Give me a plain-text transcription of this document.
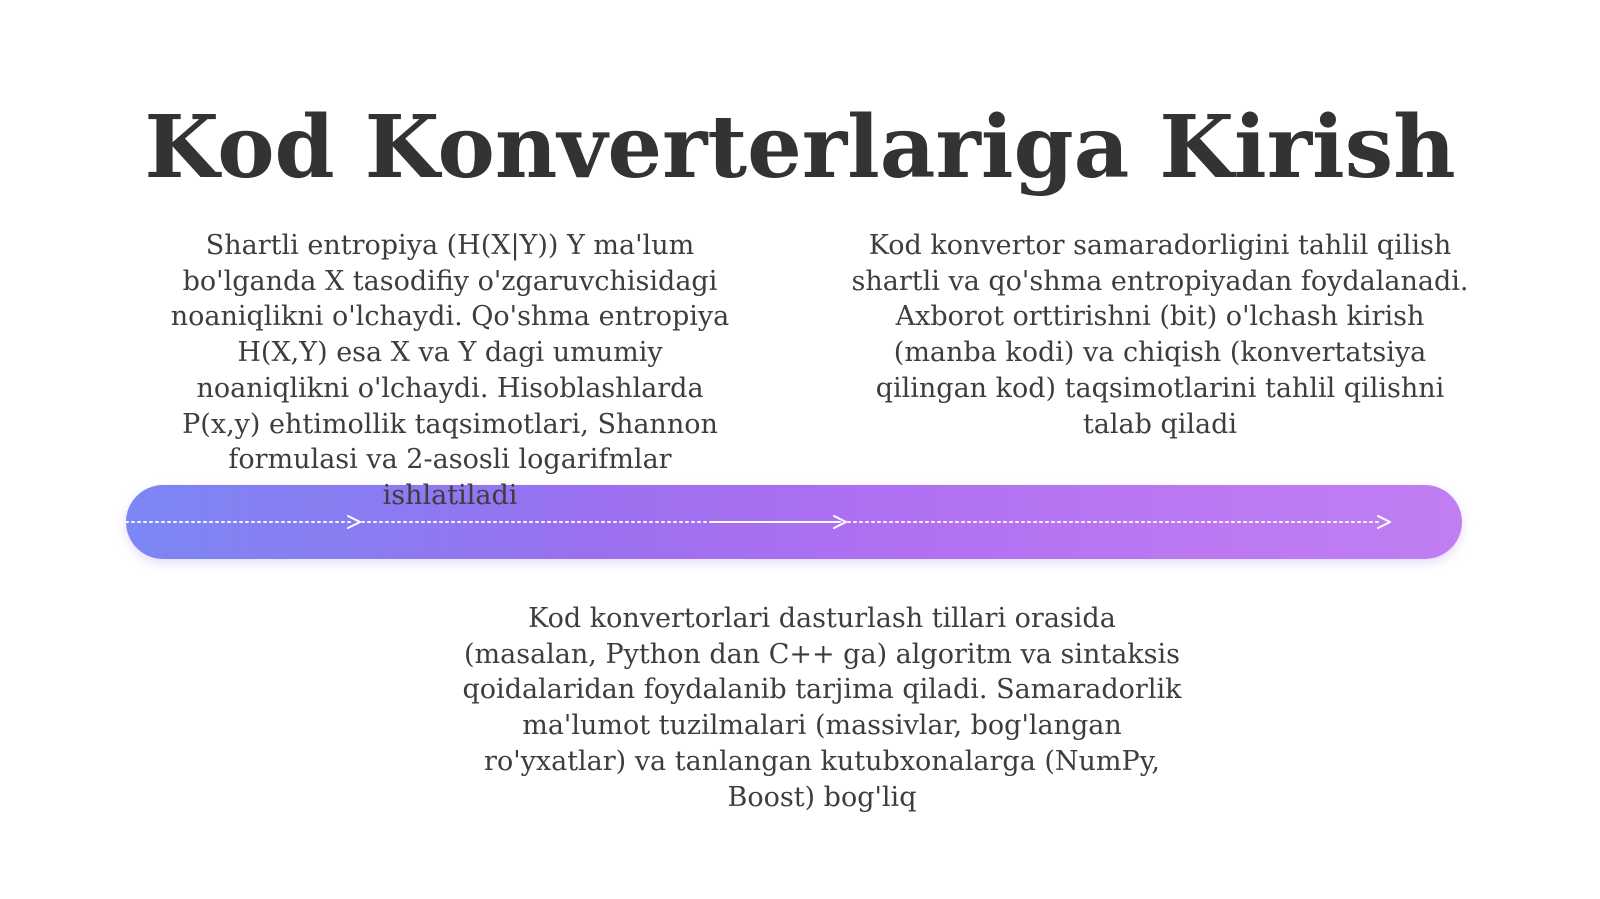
Kod Konverterlariga Kirish

Shartli entropiya (H(X|Y)) Y ma'lum bo'lganda X tasodifiy o'zgaruvchisidagi noaniqlikni o'lchaydi. Qo'shma entropiya H(X,Y) esa X va Y dagi umumiy noaniqlikni o'lchaydi. Hisoblashlarda P(x,y) ehtimollik taqsimotlari, Shannon formulasi va 2-asosli logarifmlar ishlatiladi

Kod konvertor samaradorligini tahlil qilish shartli va qo'shma entropiyadan foydalanadi. Axborot orttirishni (bit) o'lchash kirish (manba kodi) va chiqish (konvertatsiya qilingan kod) taqsimotlarini tahlil qilishni talab qiladi

Kod konvertorlari dasturlash tillari orasida (masalan, Python dan C++ ga) algoritm va sintaksis qoidalaridan foydalanib tarjima qiladi. Samaradorlik ma'lumot tuzilmalari (massivlar, bog'langan ro'yxatlar) va tanlangan kutubxonalarga (NumPy, Boost) bog'liq
